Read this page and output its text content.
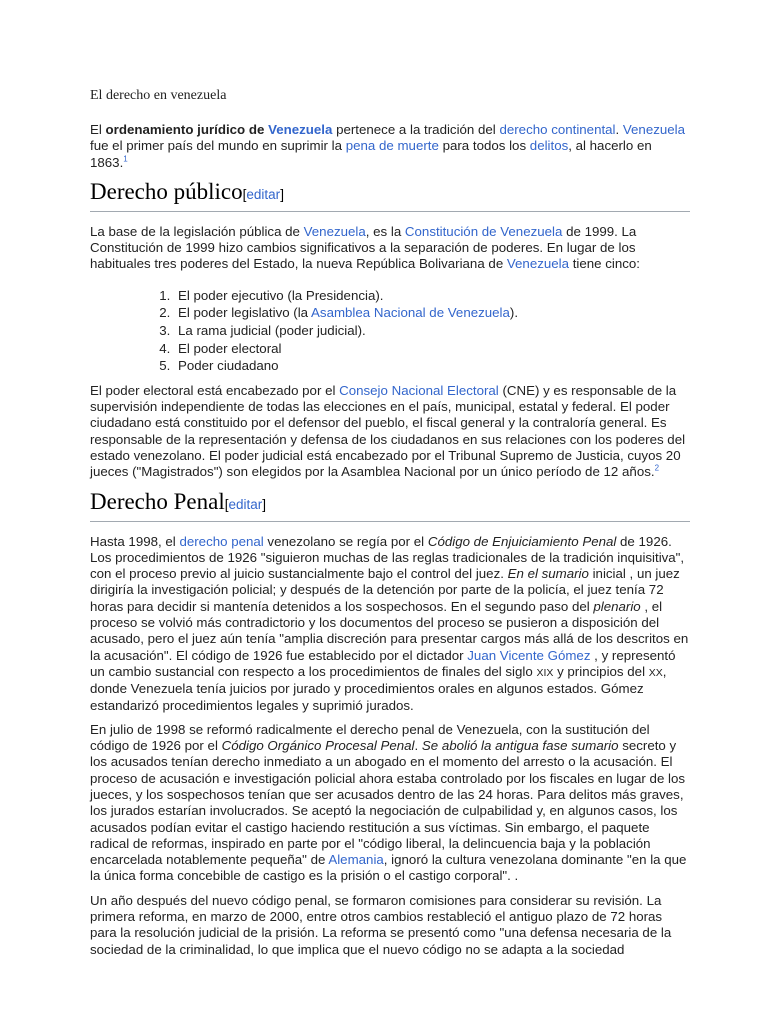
El derecho en venezuela

El ordenamiento jurídico de Venezuela pertenece a la tradición del derecho continental. Venezuela fue el primer país del mundo en suprimir la pena de muerte para todos los delitos, al hacerlo en 1863.$^1$

Derecho público[editar]

La base de la legislación pública de Venezuela, es la Constitución de Venezuela de 1999. La Constitución de 1999 hizo cambios significativos a la separación de poderes. En lugar de los habituales tres poderes del Estado, la nueva República Bolivariana de Venezuela tiene cinco:

1. El poder ejecutivo (la Presidencia).
2. El poder legislativo (la Asamblea Nacional de Venezuela).
3. La rama judicial (poder judicial).
4. El poder electoral
5. Poder ciudadano

El poder electoral está encabezado por el Consejo Nacional Electoral (CNE) y es responsable de la supervisión independiente de todas las elecciones en el país, municipal, estatal y federal. El poder ciudadano está constituido por el defensor del pueblo, el fiscal general y la contraloría general. Es responsable de la representación y defensa de los ciudadanos en sus relaciones con los poderes del estado venezolano. El poder judicial está encabezado por el Tribunal Supremo de Justicia, cuyos 20 jueces ("Magistrados") son elegidos por la Asamblea Nacional por un único período de 12 años.$^2$

Derecho Penal[editar]

Hasta 1998, el derecho penal venezolano se regía por el Código de Enjuiciamiento Penal de 1926. Los procedimientos de 1926 "siguieron muchas de las reglas tradicionales de la tradición inquisitiva", con el proceso previo al juicio sustancialmente bajo el control del juez. En el sumario inicial , un juez dirigiría la investigación policial; y después de la detención por parte de la policía, el juez tenía 72 horas para decidir si mantenía detenidos a los sospechosos. En el segundo paso del plenario , el proceso se volvió más contradictorio y los documentos del proceso se pusieron a disposición del acusado, pero el juez aún tenía "amplia discreción para presentar cargos más allá de los descritos en la acusación". El código de 1926 fue establecido por el dictador Juan Vicente Gómez , y representó un cambio sustancial con respecto a los procedimientos de finales del siglo XIX y principios del XX, donde Venezuela tenía juicios por jurado y procedimientos orales en algunos estados. Gómez estandarizó procedimientos legales y suprimió jurados.

En julio de 1998 se reformó radicalmente el derecho penal de Venezuela, con la sustitución del código de 1926 por el Código Orgánico Procesal Penal. Se abolió la antigua fase sumario secreto y los acusados tenían derecho inmediato a un abogado en el momento del arresto o la acusación. El proceso de acusación e investigación policial ahora estaba controlado por los fiscales en lugar de los jueces, y los sospechosos tenían que ser acusados dentro de las 24 horas. Para delitos más graves, los jurados estarían involucrados. Se aceptó la negociación de culpabilidad y, en algunos casos, los acusados podían evitar el castigo haciendo restitución a sus víctimas. Sin embargo, el paquete radical de reformas, inspirado en parte por el "código liberal, la delincuencia baja y la población encarcelada notablemente pequeña" de Alemania, ignoró la cultura venezolana dominante "en la que la única forma concebible de castigo es la prisión o el castigo corporal". .

Un año después del nuevo código penal, se formaron comisiones para considerar su revisión. La primera reforma, en marzo de 2000, entre otros cambios restableció el antiguo plazo de 72 horas para la resolución judicial de la prisión. La reforma se presentó como "una defensa necesaria de la sociedad de la criminalidad, lo que implica que el nuevo código no se adapta a la sociedad
